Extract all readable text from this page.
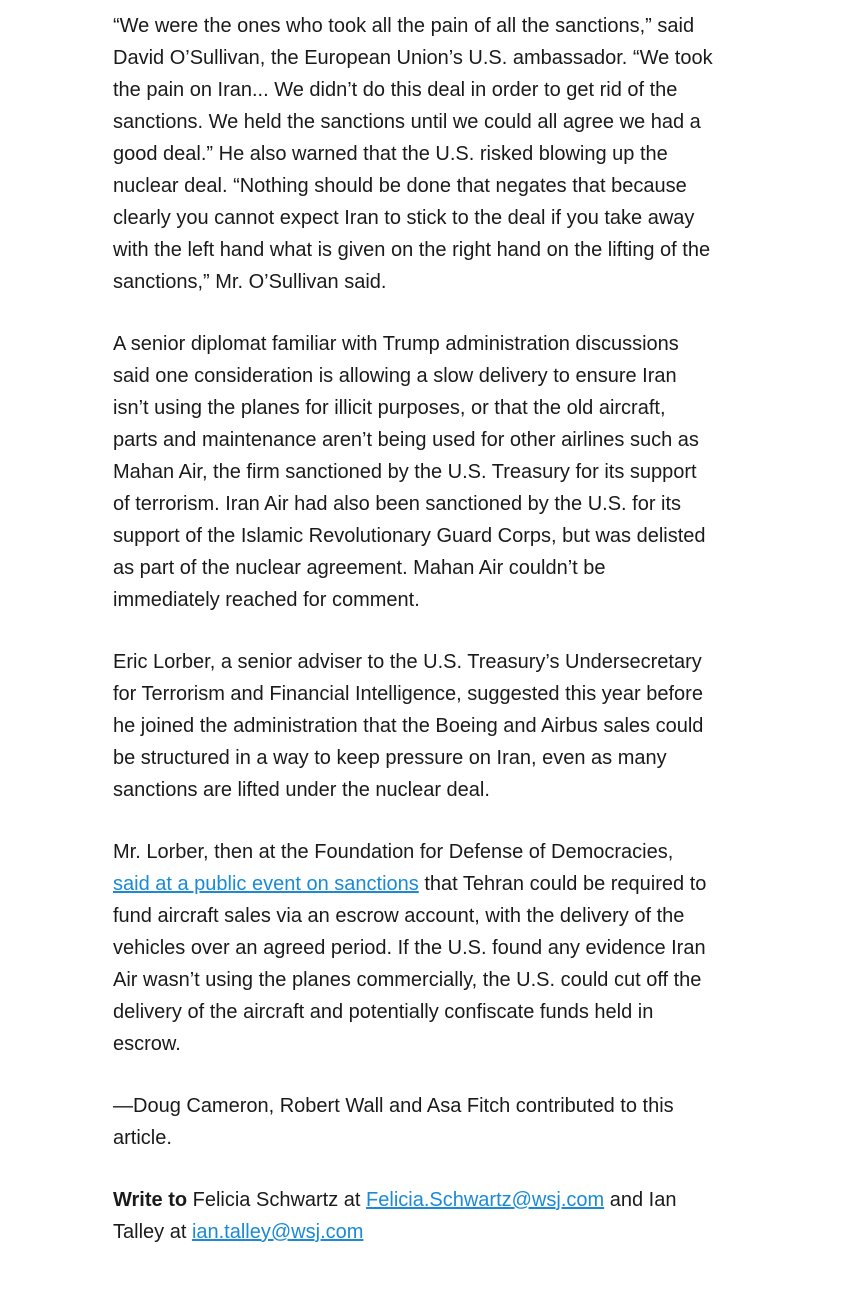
“We were the ones who took all the pain of all the sanctions,” said
David O’Sullivan, the European Union’s U.S. ambassador. “We took
the pain on Iran... We didn’t do this deal in order to get rid of the
sanctions. We held the sanctions until we could all agree we had a
good deal.” He also warned that the U.S. risked blowing up the
nuclear deal. “Nothing should be done that negates that because
clearly you cannot expect Iran to stick to the deal if you take away
with the left hand what is given on the right hand on the lifting of the
sanctions,” Mr. O’Sullivan said.

A senior diplomat familiar with Trump administration discussions
said one consideration is allowing a slow delivery to ensure Iran
isn’t using the planes for illicit purposes, or that the old aircraft,
parts and maintenance aren’t being used for other airlines such as
Mahan Air, the firm sanctioned by the U.S. Treasury for its support
of terrorism. Iran Air had also been sanctioned by the U.S. for its
support of the Islamic Revolutionary Guard Corps, but was delisted
as part of the nuclear agreement. Mahan Air couldn’t be
immediately reached for comment.

Eric Lorber, a senior adviser to the U.S. Treasury’s Undersecretary
for Terrorism and Financial Intelligence, suggested this year before
he joined the administration that the Boeing and Airbus sales could
be structured in a way to keep pressure on Iran, even as many
sanctions are lifted under the nuclear deal.

Mr. Lorber, then at the Foundation for Defense of Democracies,
said at a public event on sanctions that Tehran could be required to
fund aircraft sales via an escrow account, with the delivery of the
vehicles over an agreed period. If the U.S. found any evidence Iran
Air wasn’t using the planes commercially, the U.S. could cut off the
delivery of the aircraft and potentially confiscate funds held in
escrow.

—Doug Cameron, Robert Wall and Asa Fitch contributed to this
article.

Write to Felicia Schwartz at Felicia.Schwartz@wsj.com and Ian
Talley at ian.talley@wsj.com
